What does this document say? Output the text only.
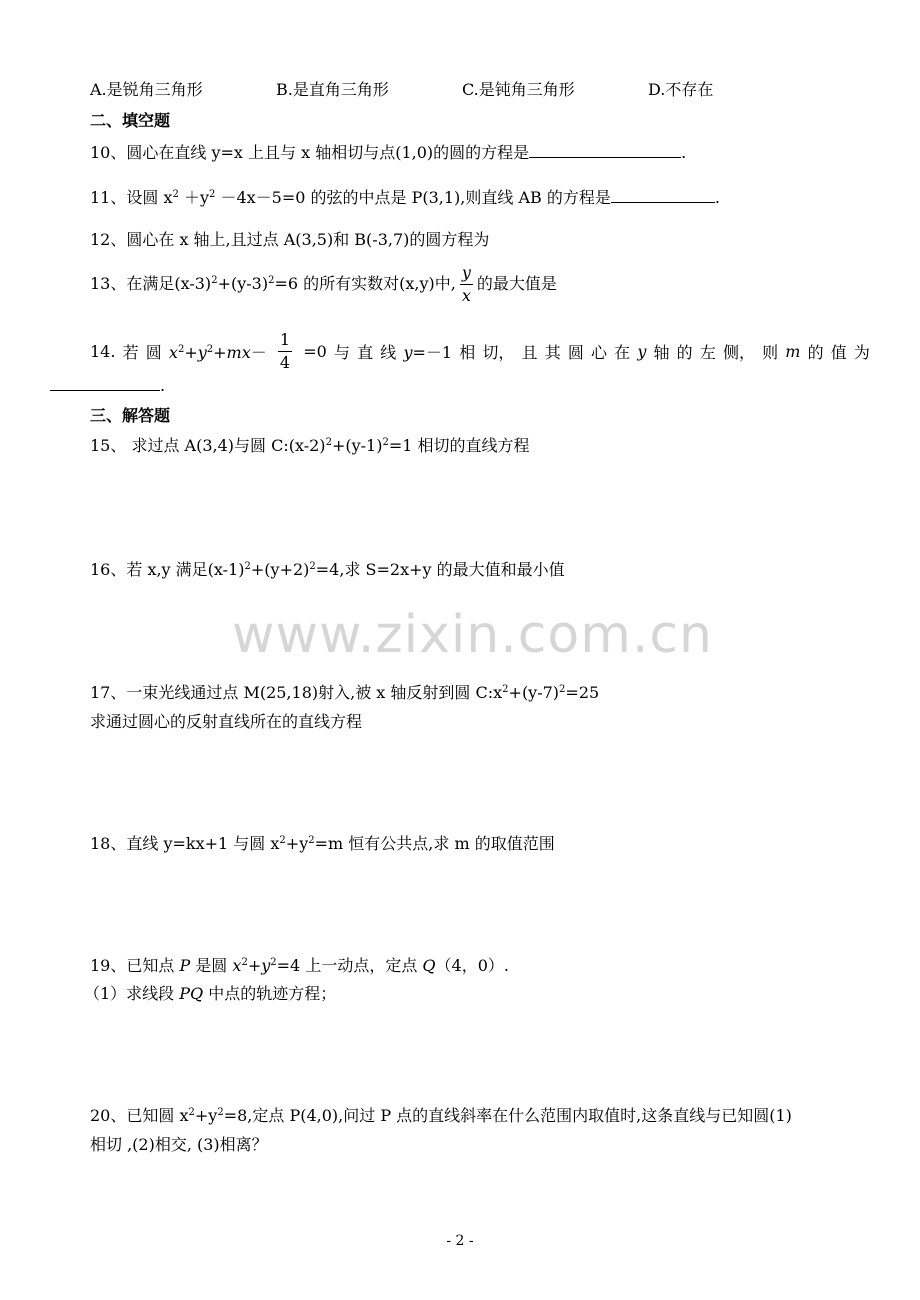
A.是锐角三角形	B.是直角三角形	C.是钝角三角形	D.不存在
二、填空题
10、圆心在直线 y=x 上且与 x 轴相切与点(1,0)的圆的方程是	.
11、设圆 $x^2 +y^2 -4x-5=0$ 的弦的中点是 P(3,1),则直线 AB 的方程是	.
12、圆心在 x 轴上,且过点 A(3,5)和 B(-3,7)的圆方程为
13、在满足$(x-3)^2+(y-3)^2=6$ 的所有实数对(x,y)中, $\frac{y}{x}$ 的最大值是
14. 若 圆 $x^2+y^2+mx- \frac{1}{4} =0$ 与 直 线 y=－1 相 切， 且 其 圆 心 在 y 轴 的 左 侧， 则 m 的 值 为
.
三、解答题
15、 求过点 A(3,4)与圆 $C:(x-2)^2+(y-1)^2=1$ 相切的直线方程
16、若 x,y 满足$(x-1)^2+(y+2)^2=4$,求 S=2x+y 的最大值和最小值
www.zixin.com.cn
17、一束光线通过点 M(25,18)射入,被 x 轴反射到圆 $C:x^2+(y-7)^2=25$
求通过圆心的反射直线所在的直线方程
18、直线 y=kx+1 与圆 $x^2+y^2=m$ 恒有公共点,求 m 的取值范围
19、已知点 P 是圆 $x^2+y^2=4$ 上一动点，定点 Q（4，0）.
（1）求线段 PQ 中点的轨迹方程；
20、已知圆 $x^2+y^2=8$,定点 P(4,0),问过 P 点的直线斜率在什么范围内取值时,这条直线与已知圆(1)
相切 ,(2)相交, (3)相离？
- 2 -
